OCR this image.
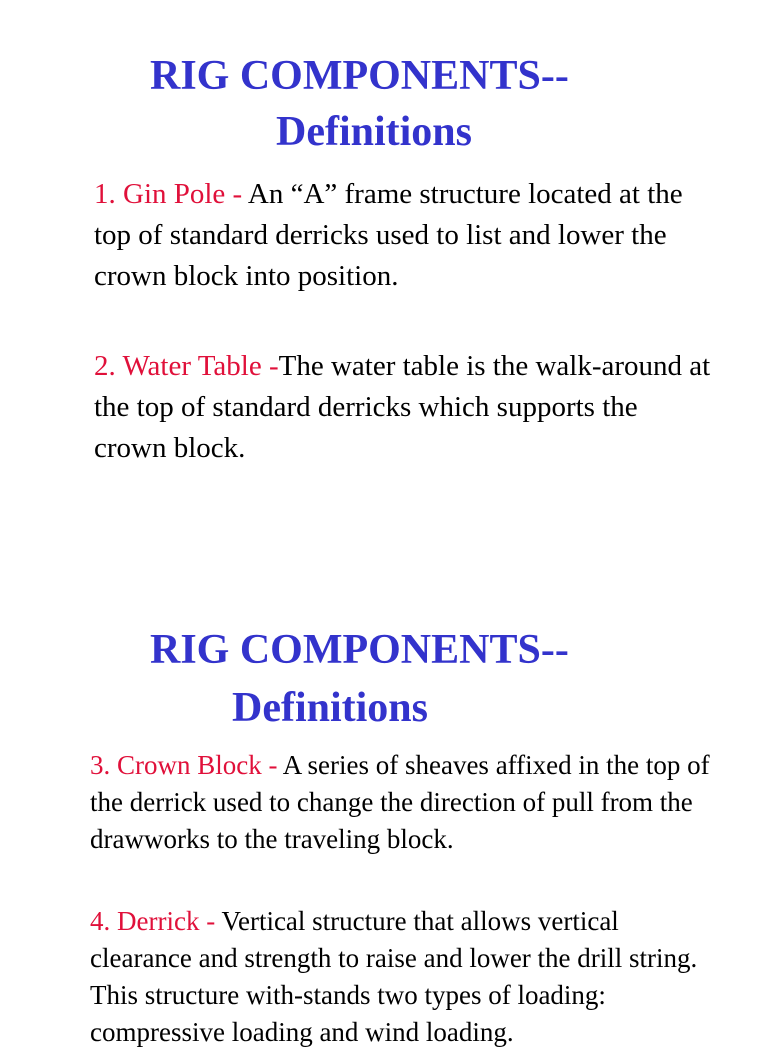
RIG COMPONENTS--
Definitions

1. Gin Pole - An “A” frame structure located at the top of standard derricks used to list and lower the crown block into position.

2. Water Table -The water table is the walk-around at the top of standard derricks which supports the crown block.

RIG COMPONENTS--
Definitions

3. Crown Block - A series of sheaves affixed in the top of the derrick used to change the direction of pull from the drawworks to the traveling block.

4. Derrick - Vertical structure that allows vertical clearance and strength to raise and lower the drill string. This structure with-stands two types of loading: compressive loading and wind loading.
